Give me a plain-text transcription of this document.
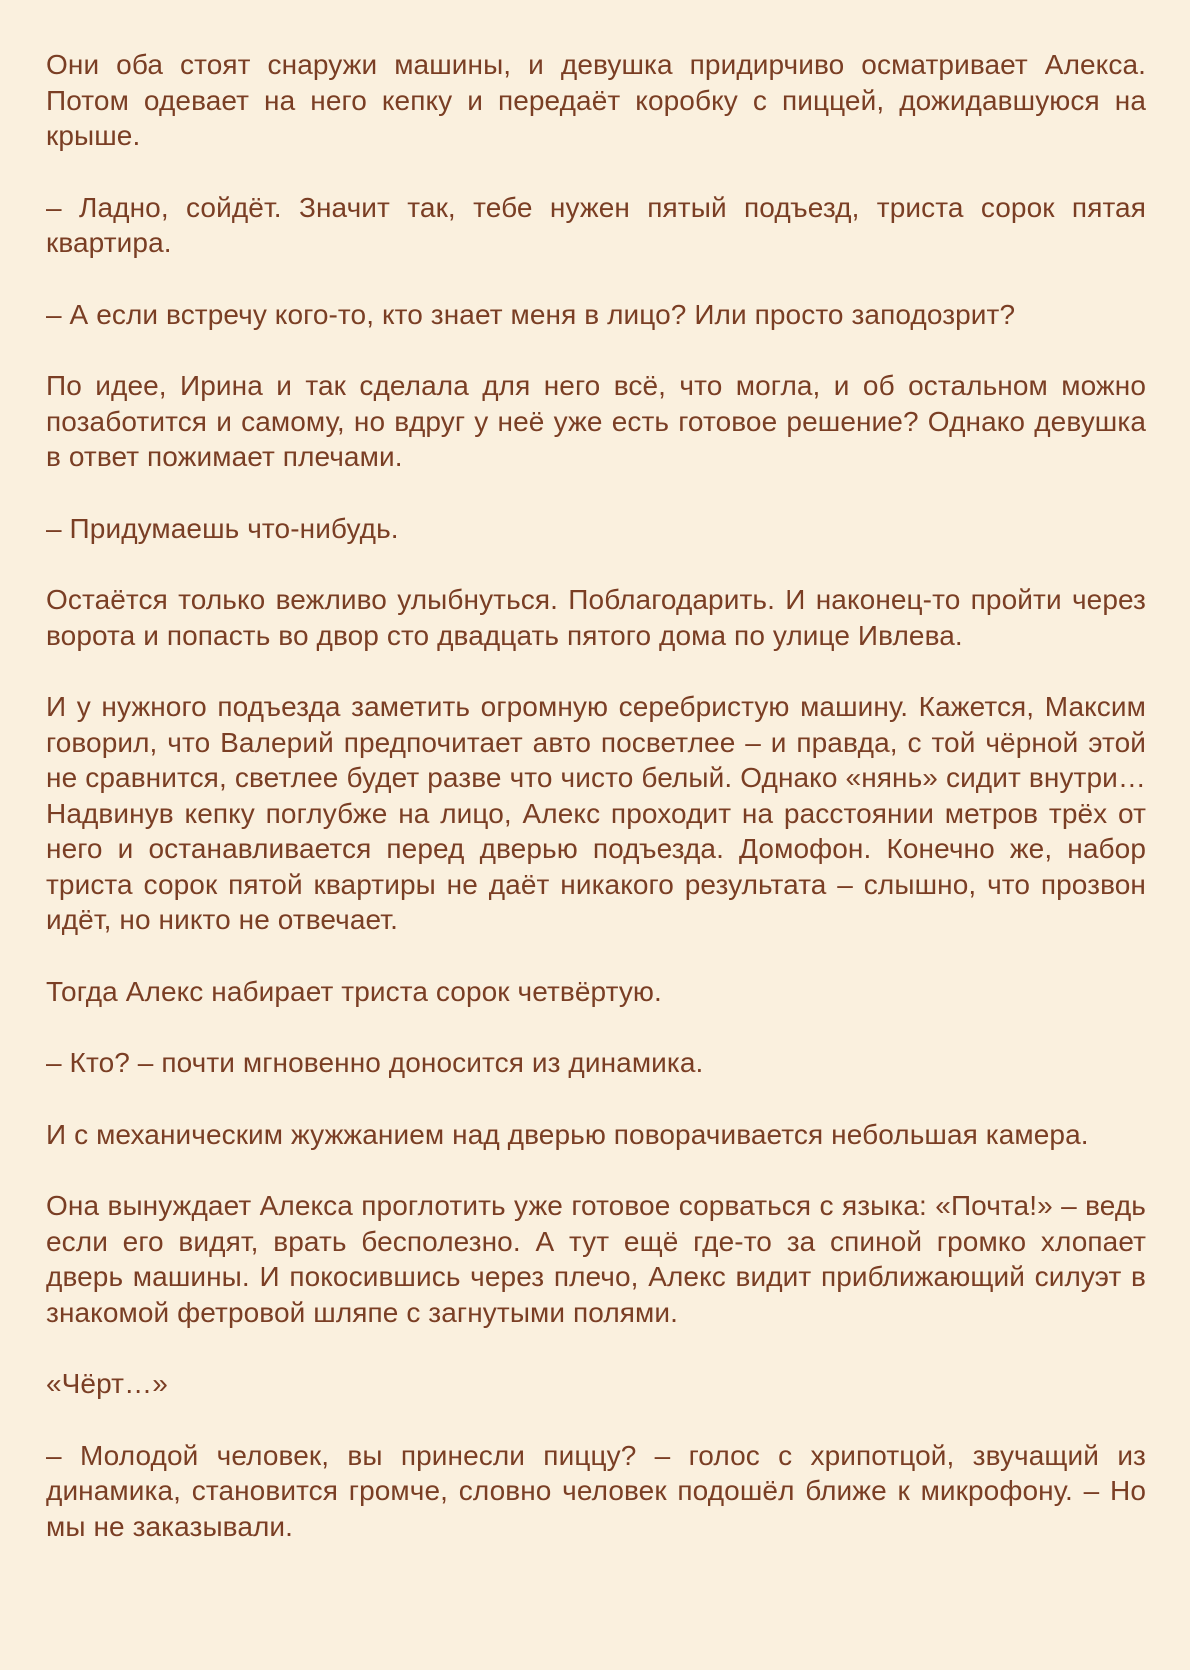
Они оба стоят снаружи машины, и девушка придирчиво осматривает Алекса. Потом одевает на него кепку и передаёт коробку с пиццей, дожидавшуюся на крыше.

– Ладно, сойдёт. Значит так, тебе нужен пятый подъезд, триста сорок пятая квартира.

– А если встречу кого-то, кто знает меня в лицо? Или просто заподозрит?

По идее, Ирина и так сделала для него всё, что могла, и об остальном можно позаботится и самому, но вдруг у неё уже есть готовое решение? Однако девушка в ответ пожимает плечами.

– Придумаешь что-нибудь.

Остаётся только вежливо улыбнуться. Поблагодарить. И наконец-то пройти через ворота и попасть во двор сто двадцать пятого дома по улице Ивлева.

И у нужного подъезда заметить огромную серебристую машину. Кажется, Максим говорил, что Валерий предпочитает авто посветлее – и правда, с той чёрной этой не сравнится, светлее будет разве что чисто белый. Однако «нянь» сидит внутри… Надвинув кепку поглубже на лицо, Алекс проходит на расстоянии метров трёх от него и останавливается перед дверью подъезда. Домофон. Конечно же, набор триста сорок пятой квартиры не даёт никакого результата – слышно, что прозвон идёт, но никто не отвечает.

Тогда Алекс набирает триста сорок четвёртую.

– Кто? – почти мгновенно доносится из динамика.

И с механическим жужжанием над дверью поворачивается небольшая камера.

Она вынуждает Алекса проглотить уже готовое сорваться с языка: «Почта!» – ведь если его видят, врать бесполезно. А тут ещё где-то за спиной громко хлопает дверь машины. И покосившись через плечо, Алекс видит приближающий силуэт в знакомой фетровой шляпе с загнутыми полями.

«Чёрт…»

– Молодой человек, вы принесли пиццу? – голос с хрипотцой, звучащий из динамика, становится громче, словно человек подошёл ближе к микрофону. – Но мы не заказывали.
